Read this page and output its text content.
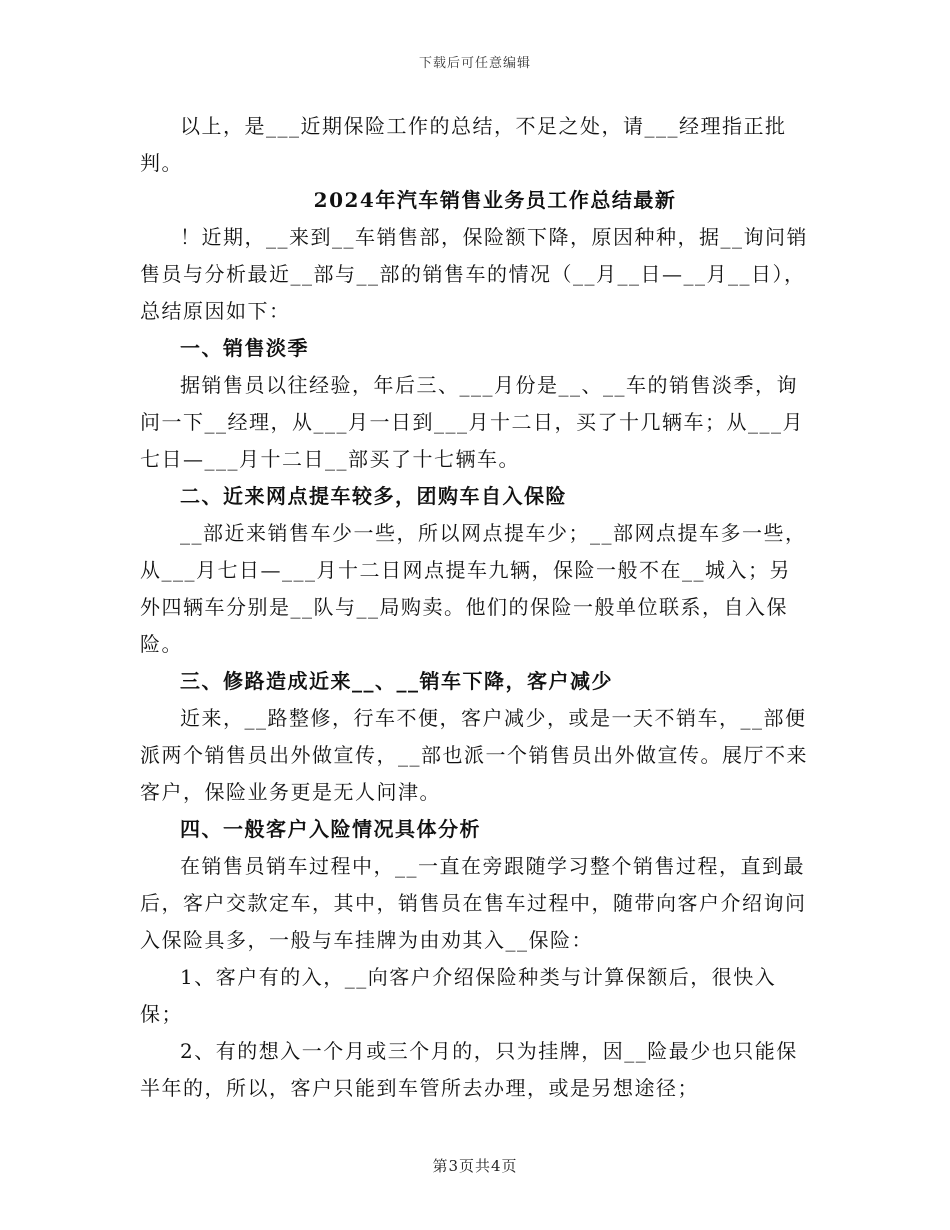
下载后可任意编辑

以上，是___近期保险工作的总结，不足之处，请___经理指正批判。

2024年汽车销售业务员工作总结最新

！近期，__来到__车销售部，保险额下降，原因种种，据__询问销售员与分析最近__部与__部的销售车的情况（__月__日—__月__日），总结原因如下：

一、销售淡季

据销售员以往经验，年后三、___月份是__、__车的销售淡季，询问一下__经理，从___月一日到___月十二日，买了十几辆车；从___月七日—___月十二日__部买了十七辆车。

二、近来网点提车较多，团购车自入保险

__部近来销售车少一些，所以网点提车少；__部网点提车多一些，从___月七日—___月十二日网点提车九辆，保险一般不在__城入；另外四辆车分别是__队与__局购卖。他们的保险一般单位联系，自入保险。

三、修路造成近来__、__销车下降，客户减少

近来，__路整修，行车不便，客户减少，或是一天不销车，__部便派两个销售员出外做宣传，__部也派一个销售员出外做宣传。展厅不来客户，保险业务更是无人问津。

四、一般客户入险情况具体分析

在销售员销车过程中，__一直在旁跟随学习整个销售过程，直到最后，客户交款定车，其中，销售员在售车过程中，随带向客户介绍询问入保险具多，一般与车挂牌为由劝其入__保险：

1、客户有的入，__向客户介绍保险种类与计算保额后，很快入保；

2、有的想入一个月或三个月的，只为挂牌，因__险最少也只能保半年的，所以，客户只能到车管所去办理，或是另想途径；

第3页共4页
